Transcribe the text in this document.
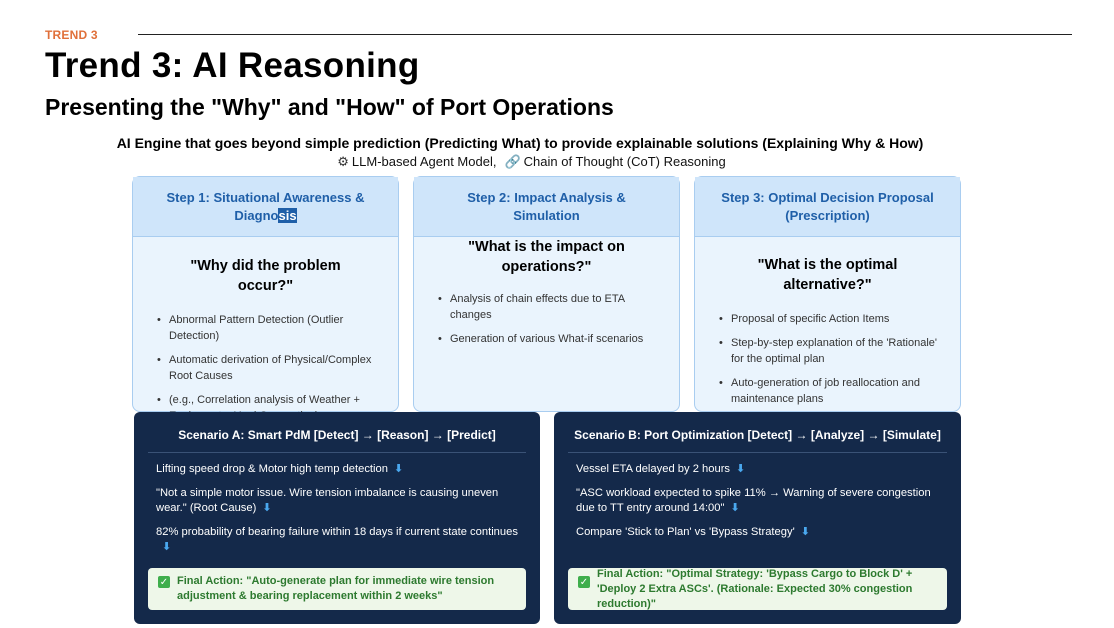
TREND 3
Trend 3: AI Reasoning
Presenting the "Why" and "How" of Port Operations
AI Engine that goes beyond simple prediction (Predicting What) to provide explainable solutions (Explaining Why & How)
⚙ LLM-based Agent Model, 🔗 Chain of Thought (CoT) Reasoning
Step 1: Situational Awareness & Diagnosis
"Why did the problem occur?"
• Abnormal Pattern Detection (Outlier Detection)
• Automatic derivation of Physical/Complex Root Causes
• (e.g., Correlation analysis of Weather +
Step 2: Impact Analysis & Simulation
"What is the impact on operations?"
• Analysis of chain effects due to ETA changes
• Generation of various What-if scenarios
Step 3: Optimal Decision Proposal (Prescription)
"What is the optimal alternative?"
• Proposal of specific Action Items
• Step-by-step explanation of the 'Rationale' for the optimal plan
• Auto-generation of job reallocation and maintenance plans
Scenario A: Smart PdM [Detect] → [Reason] → [Predict]
Lifting speed drop & Motor high temp detection ⬇
"Not a simple motor issue. Wire tension imbalance is causing uneven wear." (Root Cause) ⬇
82% probability of bearing failure within 18 days if current state continues⬇
✓ Final Action: "Auto-generate plan for immediate wire tension adjustment & bearing replacement within 2 weeks"
Scenario B: Port Optimization [Detect] → [Analyze] → [Simulate]
Vessel ETA delayed by 2 hours ⬇
"ASC workload expected to spike 11% → Warning of severe congestion due to TT entry around 14:00" ⬇
Compare 'Stick to Plan' vs 'Bypass Strategy' ⬇
✓
Final Action: "Optimal Strategy: 'Bypass Cargo to Block D' + 'Deploy 2 Extra ASCs'. (Rationale: Expected 30% congestion reduction)"
